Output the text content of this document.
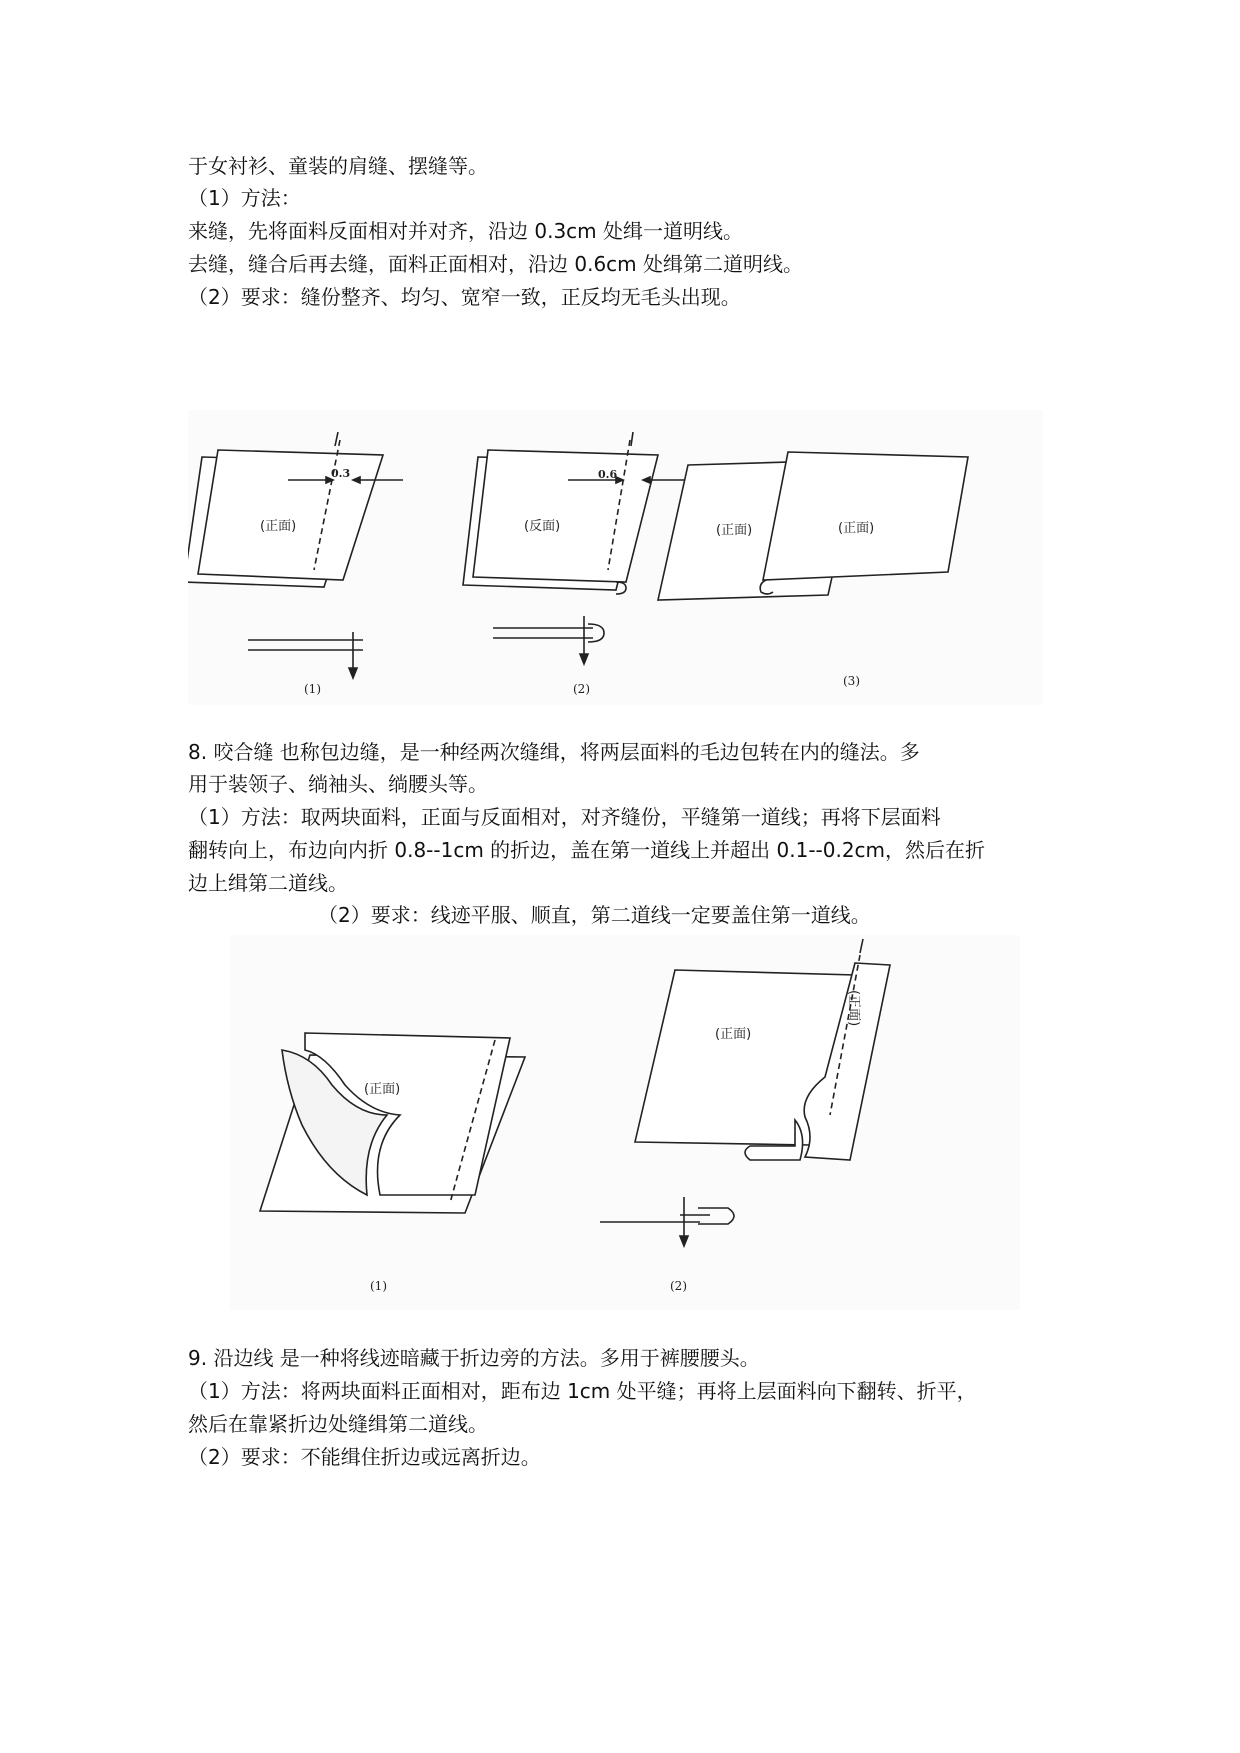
于女衬衫、童装的肩缝、摆缝等。
（1）方法：
来缝，先将面料反面相对并对齐，沿边 0.3cm 处缉一道明线。
去缝，缝合后再去缝，面料正面相对，沿边 0.6cm 处缉第二道明线。
（2）要求：缝份整齐、均匀、宽窄一致，正反均无毛头出现。
0.3
(正面)
(1)
0.6
(反面)
(2)
(正面)	(正面)
(3)
8. 咬合缝 也称包边缝，是一种经两次缝缉，将两层面料的毛边包转在内的缝法。多
用于装领子、绱袖头、绱腰头等。
（1）方法：取两块面料，正面与反面相对，对齐缝份，平缝第一道线；再将下层面料
翻转向上，布边向内折 0.8--1cm 的折边，盖在第一道线上并超出 0.1--0.2cm，然后在折
边上缉第二道线。
（2）要求：线迹平服、顺直，第二道线一定要盖住第一道线。
(正面)
(1)
(正面)
(正面)
(2)
9. 沿边线 是一种将线迹暗藏于折边旁的方法。多用于裤腰腰头。
（1）方法：将两块面料正面相对，距布边 1cm 处平缝；再将上层面料向下翻转、折平，
然后在靠紧折边处缝缉第二道线。
（2）要求：不能缉住折边或远离折边。
